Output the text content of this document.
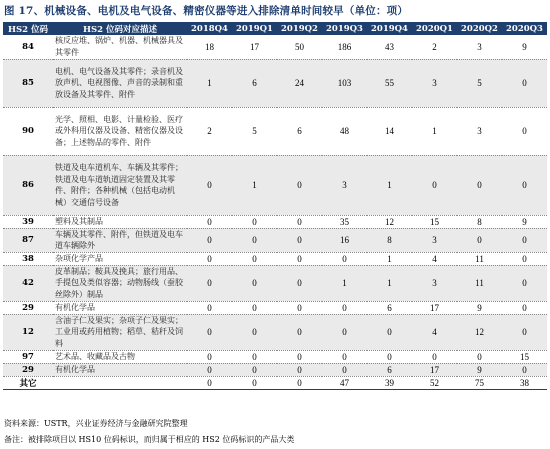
图 17、机械设备、电机及电气设备、精密仪器等进入排除清单时间较早（单位：项）
HS2 位码	HS2 位码对应描述	2018Q4	2019Q1	2019Q2	2019Q3	2019Q4	2020Q1	2020Q2	2020Q3
84	核反应堆、锅炉、机器、机械器具及其零件	18	17	50	186	43	2	3	9
85	电机、电气设备及其零件；录音机及放声机、电视图像、声音的录制和重放设备及其零件、附件	1	6	24	103	55	3	5	0
90	光学、照相、电影、计量检验、医疗或外科用仪器及设备、精密仪器及设备；上述物品的零件、附件	2	5	6	48	14	1	3	0
86	铁道及电车道机车、车辆及其零件；铁道及电车道轨道固定装置及其零件、附件；各种机械（包括电动机械）交通信号设备	0	1	0	3	1	0	0	0
39	塑料及其制品	0	0	0	35	12	15	8	9
87	车辆及其零件、附件，但铁道及电车道车辆除外	0	0	0	16	8	3	0	0
38	杂项化学产品	0	0	0	0	1	4	11	0
42	皮革制品；鞍具及挽具；旅行用品、手提包及类似容器；动物肠线（蚕胶丝除外）制品	0	0	0	1	1	3	11	0
29	有机化学品	0	0	0	0	6	17	9	0
12	含油子仁及果实；杂项子仁及果实；工业用或药用植物；稻草、秸秆及饲料	0	0	0	0	0	4	12	0
97	艺术品、收藏品及古物	0	0	0	0	0	0	0	15
29	有机化学品	0	0	0	0	6	17	9	0
其它		0	0	0	47	39	52	75	38
资料来源：USTR，兴业证券经济与金融研究院整理
备注：被排除项目以 HS10 位码标识，而归属于相应的 HS2 位码标识的产品大类
